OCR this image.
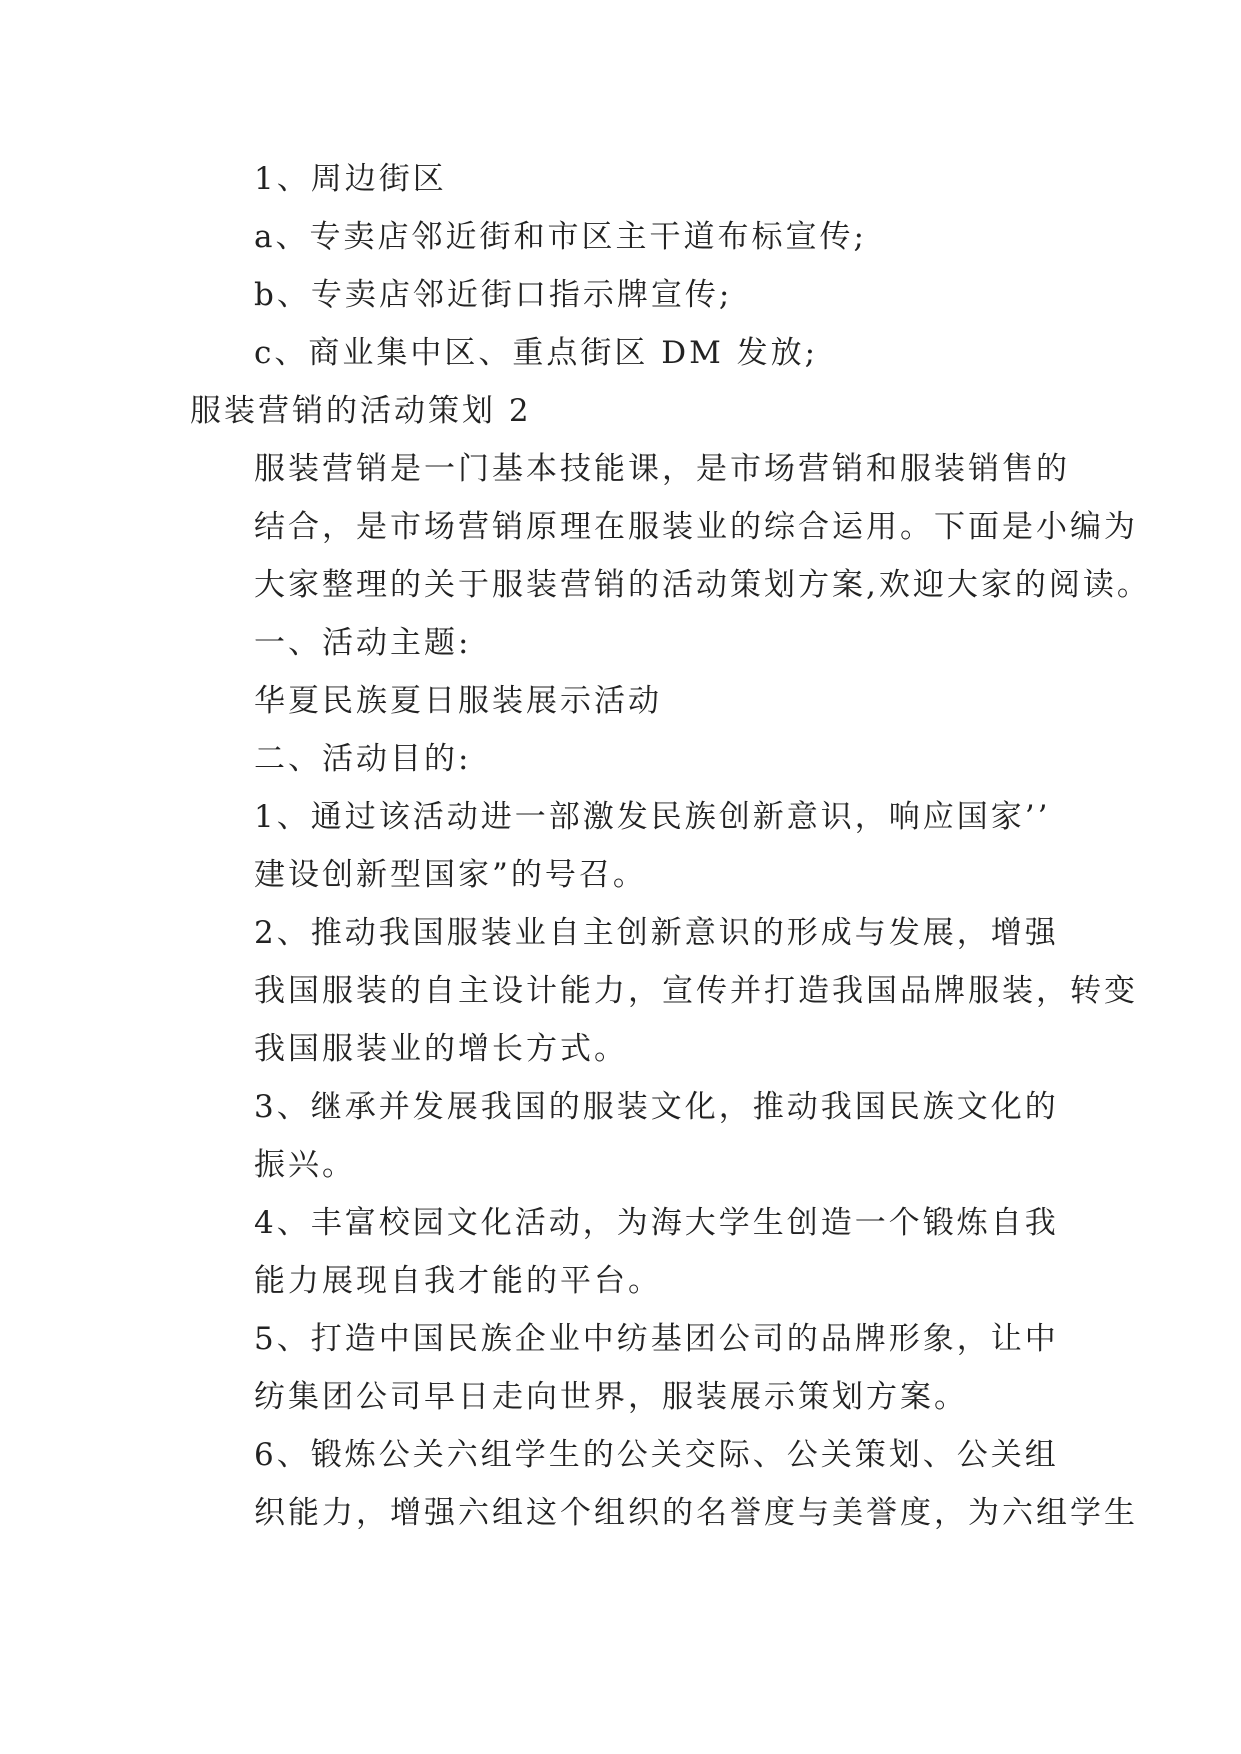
1、周边街区

a、专卖店邻近街和市区主干道布标宣传;

b、专卖店邻近街口指示牌宣传;

c、商业集中区、重点街区 DM 发放;

服装营销的活动策划 2

服装营销是一门基本技能课，是市场营销和服装销售的
结合，是市场营销原理在服装业的综合运用。下面是小编为
大家整理的关于服装营销的活动策划方案,欢迎大家的阅读。

一、活动主题:

华夏民族夏日服装展示活动

二、活动目的:

1、通过该活动进一部激发民族创新意识，响应国家’’
建设创新型国家”的号召。

2、推动我国服装业自主创新意识的形成与发展，增强
我国服装的自主设计能力，宣传并打造我国品牌服装，转变
我国服装业的增长方式。

3、继承并发展我国的服装文化，推动我国民族文化的
振兴。

4、丰富校园文化活动，为海大学生创造一个锻炼自我
能力展现自我才能的平台。

5、打造中国民族企业中纺基团公司的品牌形象，让中
纺集团公司早日走向世界，服装展示策划方案。

6、锻炼公关六组学生的公关交际、公关策划、公关组
织能力，增强六组这个组织的名誉度与美誉度，为六组学生
